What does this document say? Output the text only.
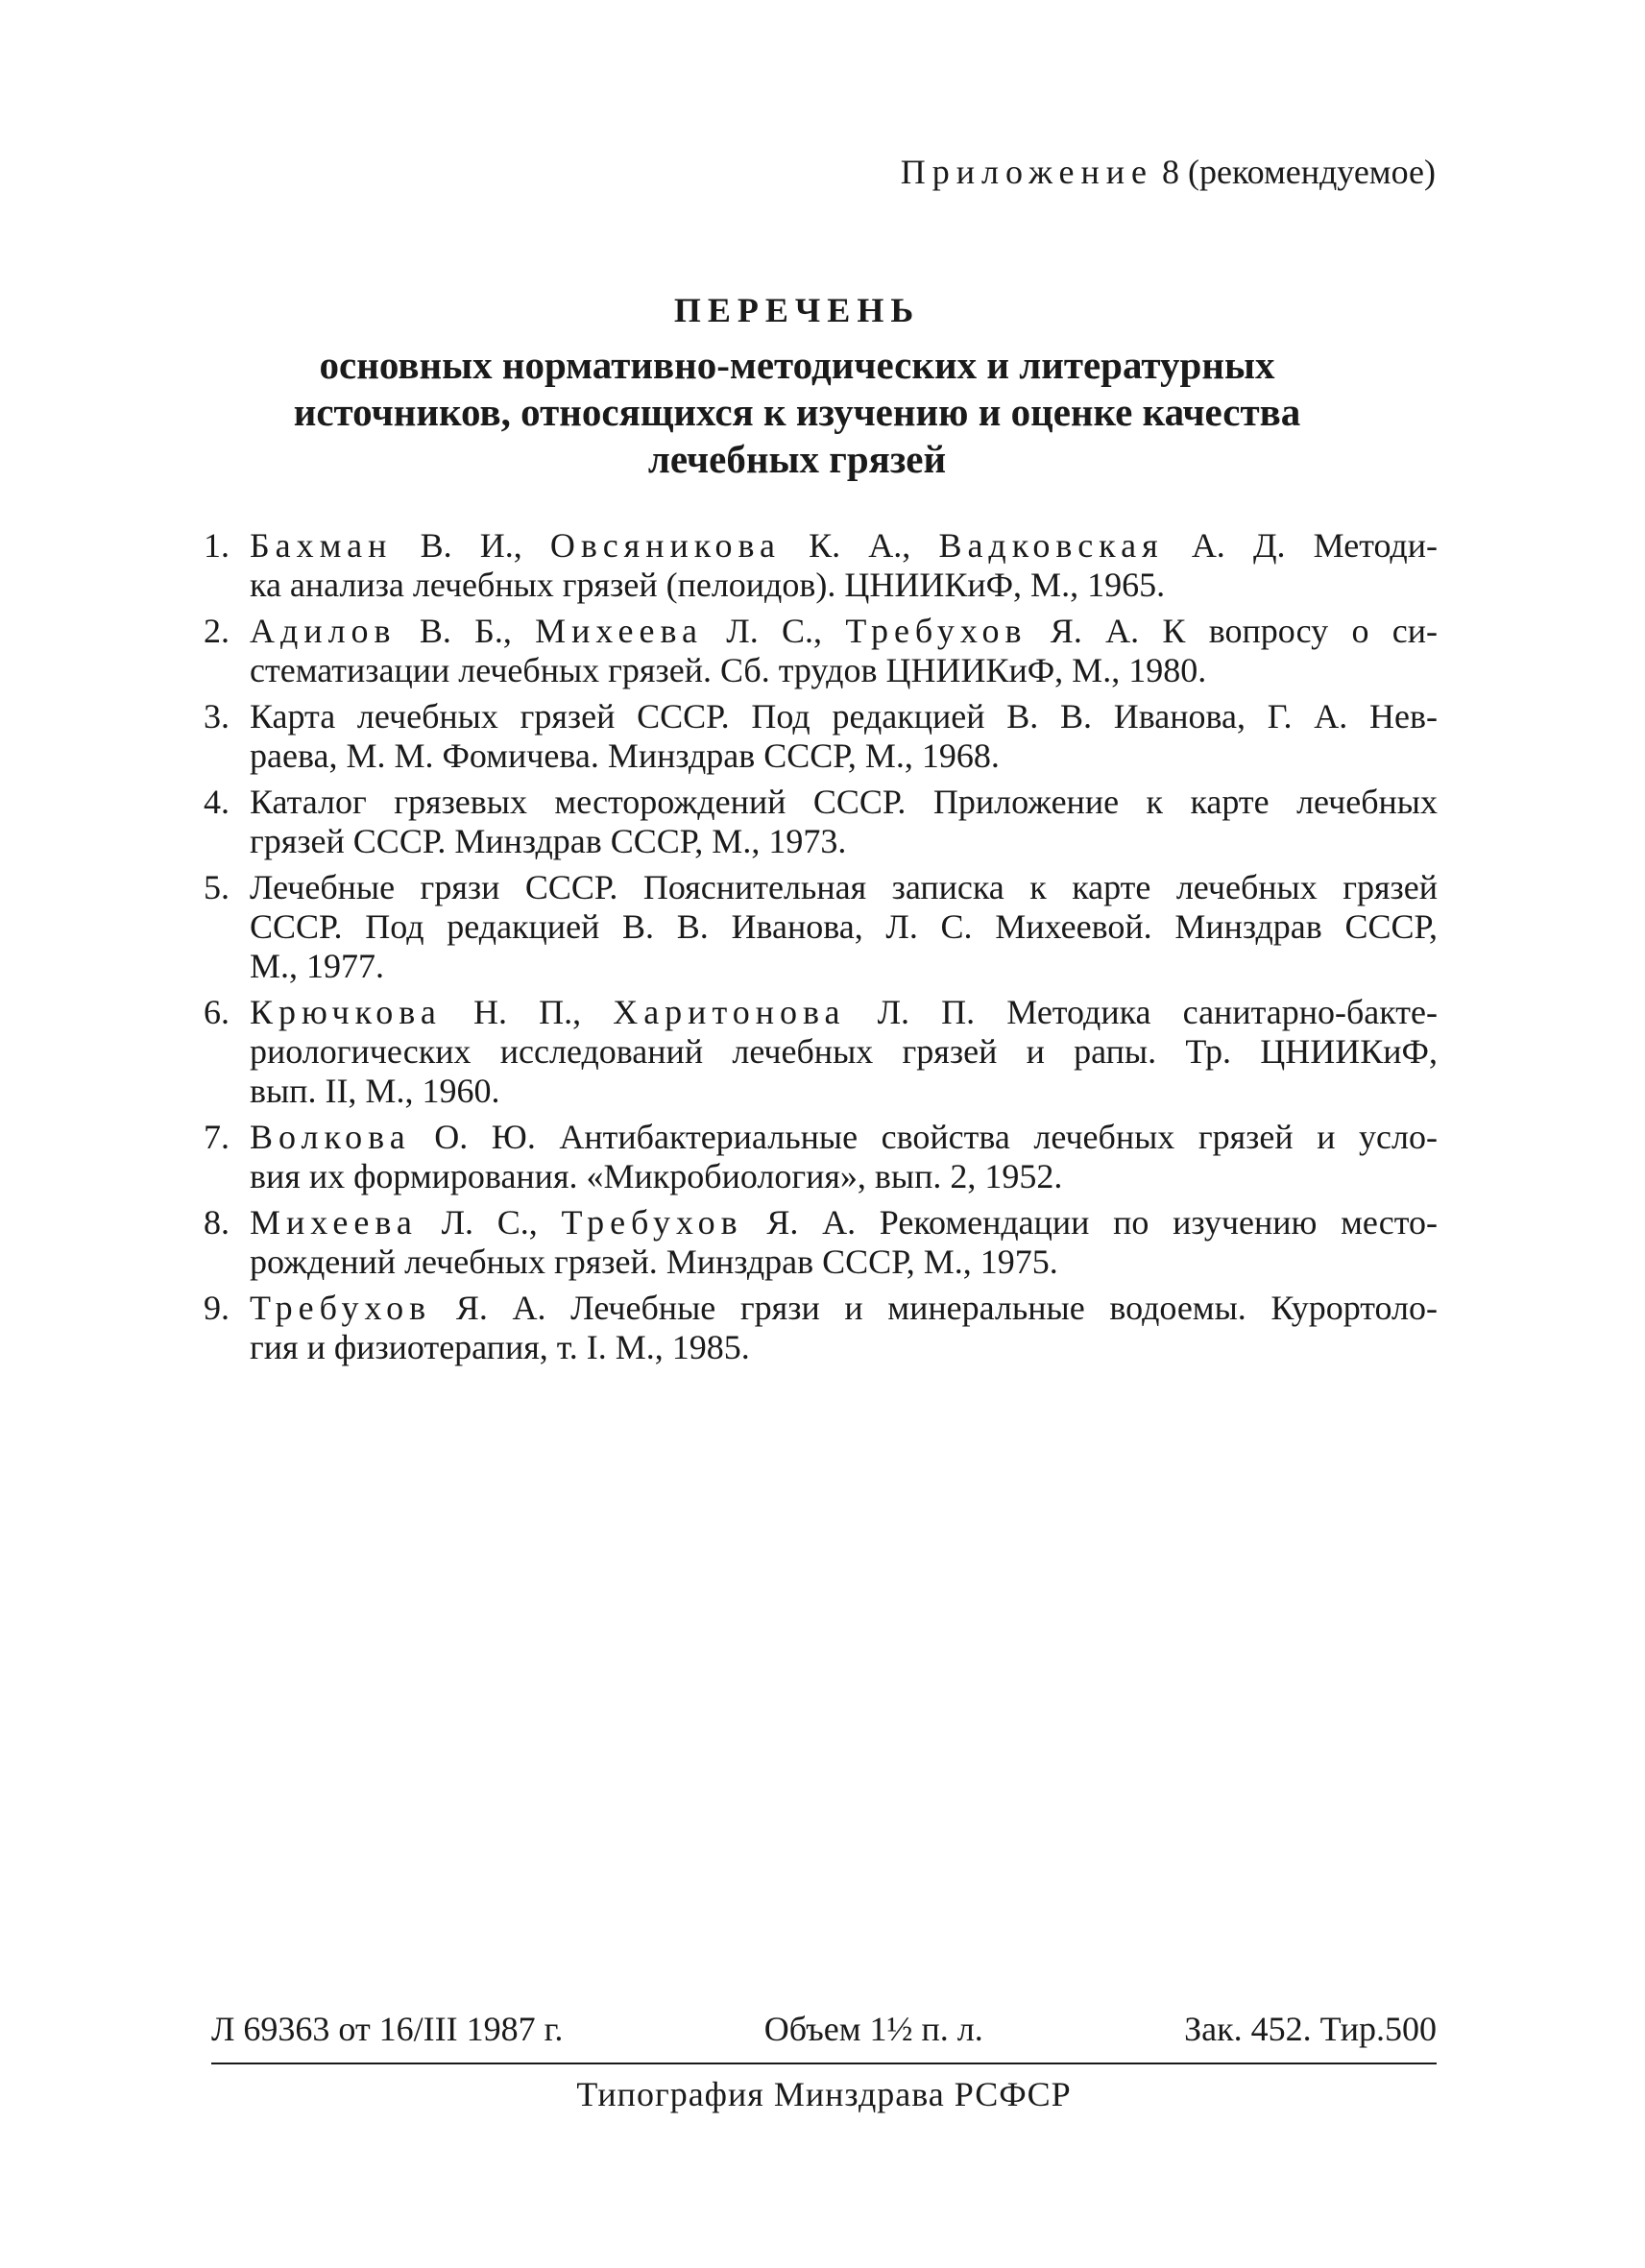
Приложение 8 (рекомендуемое)
ПЕРЕЧЕНЬ
основных нормативно-методических и литературных источников, относящихся к изучению и оценке качества лечебных грязей
1. Бахман В. И., Овсяникова К. А., Вадковская А. Д. Методи-
ка анализа лечебных грязей (пелоидов). ЦНИИКиФ, М., 1965.
2. Адилов В. Б., Михеева Л. С., Требухов Я. А. К вопросу о си-
стематизации лечебных грязей. Сб. трудов ЦНИИКиФ, М., 1980.
3. Карта лечебных грязей СССР. Под редакцией В. В. Иванова, Г. А. Нев-
раева, М. М. Фомичева. Минздрав СССР, М., 1968.
4. Каталог грязевых месторождений СССР. Приложение к карте лечебных
грязей СССР. Минздрав СССР, М., 1973.
5. Лечебные грязи СССР. Пояснительная записка к карте лечебных грязей
СССР. Под редакцией В. В. Иванова, Л. С. Михеевой. Минздрав СССР,
М., 1977.
6. Крючкова Н. П., Харитонова Л. П. Методика санитарно-бакте-
риологических исследований лечебных грязей и рапы. Тр. ЦНИИКиФ,
вып. II, М., 1960.
7. Волкова О. Ю. Антибактериальные свойства лечебных грязей и усло-
вия их формирования. «Микробиология», вып. 2, 1952.
8. Михеева Л. С., Требухов Я. А. Рекомендации по изучению место-
рождений лечебных грязей. Минздрав СССР, М., 1975.
9. Требухов Я. А. Лечебные грязи и минеральные водоемы. Курортоло-
гия и физиотерапия, т. I. М., 1985.
Л 69363 от 16/III 1987 г.	Объем 1½ п. л.	Зак. 452. Тир.500
Типография Минздрава РСФСР
